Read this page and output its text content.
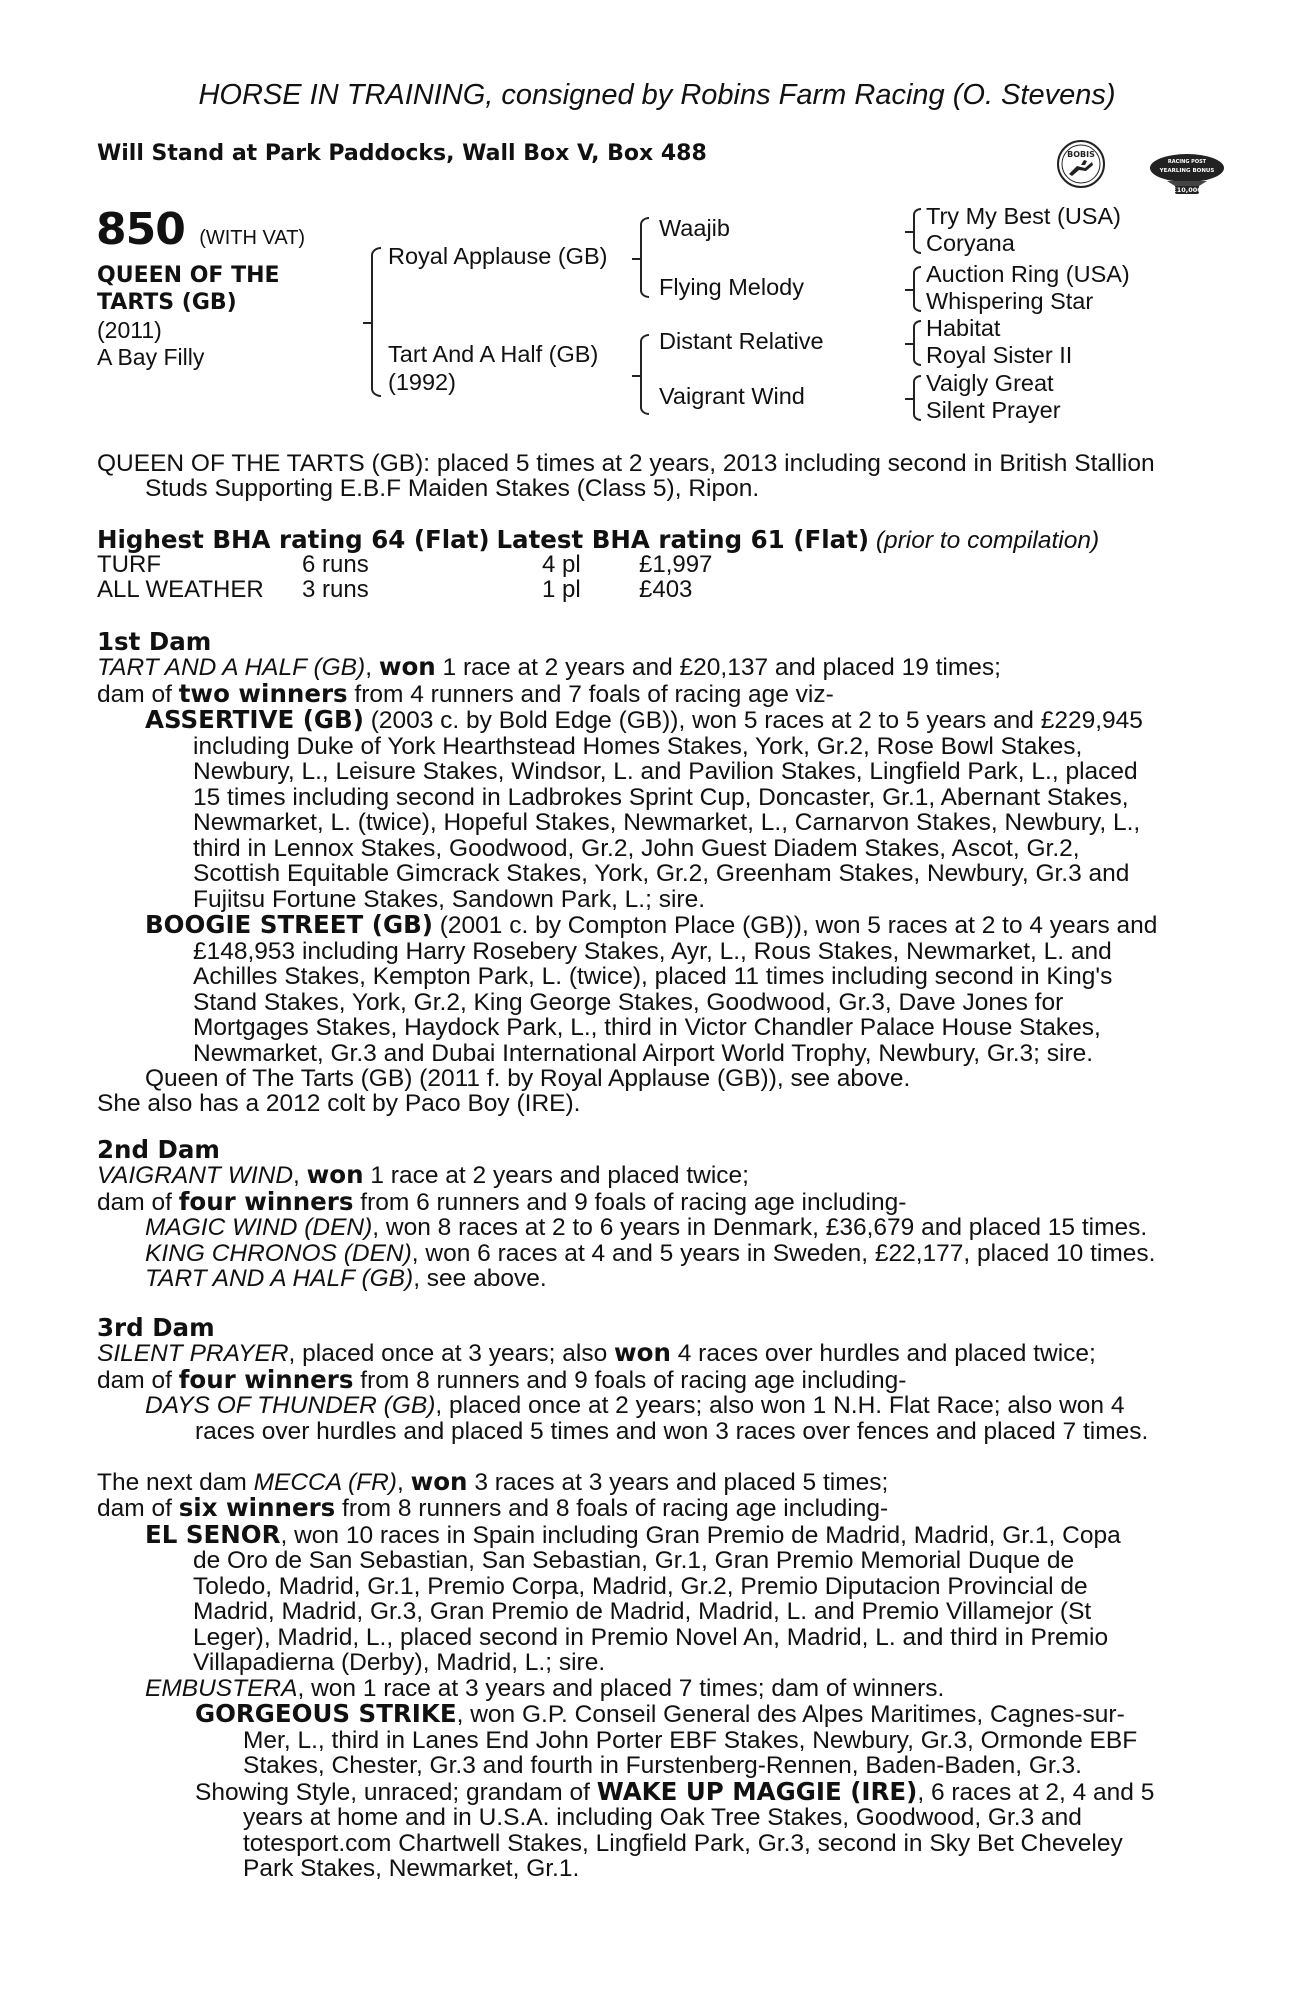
HORSE IN TRAINING, consigned by Robins Farm Racing (O. Stevens)
Will Stand at Park Paddocks, Wall Box V, Box 488	BOBIS
RACING POST
YEARLING BONUS
£10,000
850 (WITH VAT)
QUEEN OF THE
TARTS (GB)
(2011)
A Bay Filly
Royal Applause (GB)
Tart And A Half (GB)
(1992)
Waajib
Flying Melody
Distant Relative
Vaigrant Wind
Try My Best (USA)
Coryana
Auction Ring (USA)
Whispering Star
Habitat
Royal Sister II
Vaigly Great
Silent Prayer

QUEEN OF THE TARTS (GB): placed 5 times at 2 years, 2013 including second in British Stallion

Studs Supporting E.B.F Maiden Stakes (Class 5), Ripon.

Highest BHA rating 64 (Flat) Latest BHA rating 61 (Flat) (prior to compilation)

TURF	6 runs	4 pl	£1,997
ALL WEATHER	3 runs	1 pl	£403

1st Dam

TART AND A HALF (GB), won 1 race at 2 years and £20,137 and placed 19 times;

dam of two winners from 4 runners and 7 foals of racing age viz-

ASSERTIVE (GB) (2003 c. by Bold Edge (GB)), won 5 races at 2 to 5 years and £229,945

including Duke of York Hearthstead Homes Stakes, York, Gr.2, Rose Bowl Stakes,

Newbury, L., Leisure Stakes, Windsor, L. and Pavilion Stakes, Lingfield Park, L., placed

15 times including second in Ladbrokes Sprint Cup, Doncaster, Gr.1, Abernant Stakes,

Newmarket, L. (twice), Hopeful Stakes, Newmarket, L., Carnarvon Stakes, Newbury, L.,

third in Lennox Stakes, Goodwood, Gr.2, John Guest Diadem Stakes, Ascot, Gr.2,

Scottish Equitable Gimcrack Stakes, York, Gr.2, Greenham Stakes, Newbury, Gr.3 and

Fujitsu Fortune Stakes, Sandown Park, L.; sire.

BOOGIE STREET (GB) (2001 c. by Compton Place (GB)), won 5 races at 2 to 4 years and

£148,953 including Harry Rosebery Stakes, Ayr, L., Rous Stakes, Newmarket, L. and

Achilles Stakes, Kempton Park, L. (twice), placed 11 times including second in King's

Stand Stakes, York, Gr.2, King George Stakes, Goodwood, Gr.3, Dave Jones for

Mortgages Stakes, Haydock Park, L., third in Victor Chandler Palace House Stakes,

Newmarket, Gr.3 and Dubai International Airport World Trophy, Newbury, Gr.3; sire.

Queen of The Tarts (GB) (2011 f. by Royal Applause (GB)), see above.

She also has a 2012 colt by Paco Boy (IRE).

2nd Dam

VAIGRANT WIND, won 1 race at 2 years and placed twice;

dam of four winners from 6 runners and 9 foals of racing age including-

MAGIC WIND (DEN), won 8 races at 2 to 6 years in Denmark, £36,679 and placed 15 times.

KING CHRONOS (DEN), won 6 races at 4 and 5 years in Sweden, £22,177, placed 10 times.

TART AND A HALF (GB), see above.

3rd Dam

SILENT PRAYER, placed once at 3 years; also won 4 races over hurdles and placed twice;

dam of four winners from 8 runners and 9 foals of racing age including-

DAYS OF THUNDER (GB), placed once at 2 years; also won 1 N.H. Flat Race; also won 4

races over hurdles and placed 5 times and won 3 races over fences and placed 7 times.

The next dam MECCA (FR), won 3 races at 3 years and placed 5 times;

dam of six winners from 8 runners and 8 foals of racing age including-

EL SENOR, won 10 races in Spain including Gran Premio de Madrid, Madrid, Gr.1, Copa

de Oro de San Sebastian, San Sebastian, Gr.1, Gran Premio Memorial Duque de

Toledo, Madrid, Gr.1, Premio Corpa, Madrid, Gr.2, Premio Diputacion Provincial de

Madrid, Madrid, Gr.3, Gran Premio de Madrid, Madrid, L. and Premio Villamejor (St

Leger), Madrid, L., placed second in Premio Novel An, Madrid, L. and third in Premio

Villapadierna (Derby), Madrid, L.; sire.

EMBUSTERA, won 1 race at 3 years and placed 7 times; dam of winners.

GORGEOUS STRIKE, won G.P. Conseil General des Alpes Maritimes, Cagnes-sur-

Mer, L., third in Lanes End John Porter EBF Stakes, Newbury, Gr.3, Ormonde EBF

Stakes, Chester, Gr.3 and fourth in Furstenberg-Rennen, Baden-Baden, Gr.3.

Showing Style, unraced; grandam of WAKE UP MAGGIE (IRE), 6 races at 2, 4 and 5

years at home and in U.S.A. including Oak Tree Stakes, Goodwood, Gr.3 and

totesport.com Chartwell Stakes, Lingfield Park, Gr.3, second in Sky Bet Cheveley

Park Stakes, Newmarket, Gr.1.
